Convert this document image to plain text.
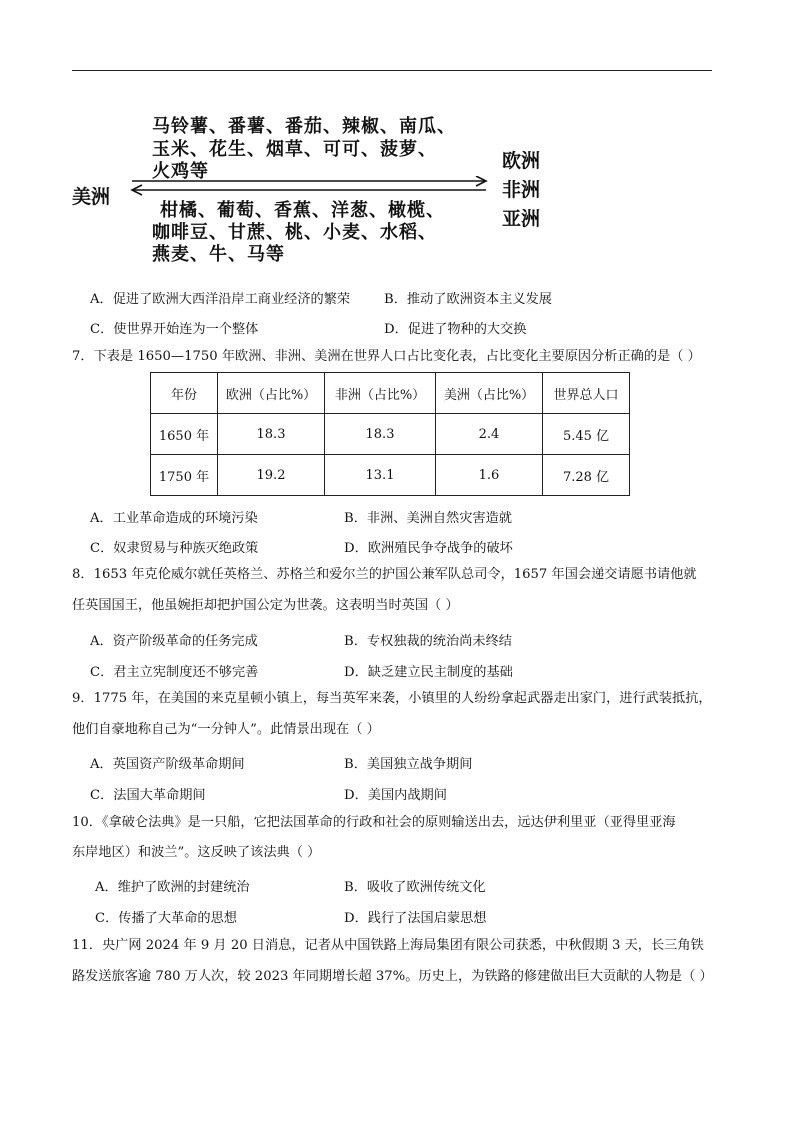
马铃薯、番薯、番茄、辣椒、南瓜、
玉米、花生、烟草、可可、菠萝、
火鸡等
美洲
欧洲
非洲
亚洲
柑橘、葡萄、香蕉、洋葱、橄榄、
咖啡豆、甘蔗、桃、小麦、水稻、
燕麦、牛、马等
A．促进了欧洲大西洋沿岸工商业经济的繁荣	B．推动了欧洲资本主义发展
C．使世界开始连为一个整体	D．促进了物种的大交换
7．下表是 1650—1750 年欧洲、非洲、美洲在世界人口占比变化表，占比变化主要原因分析正确的是（ ）
年份	欧洲（占比%）	非洲（占比%）	美洲（占比%）	世界总人口
1650 年	18.3	18.3	2.4	5.45 亿
1750 年	19.2	13.1	1.6	7.28 亿
A．工业革命造成的环境污染	B．非洲、美洲自然灾害造就
C．奴隶贸易与种族灭绝政策	D．欧洲殖民争夺战争的破坏
8．1653 年克伦威尔就任英格兰、苏格兰和爱尔兰的护国公兼军队总司令，1657 年国会递交请愿书请他就
任英国国王，他虽婉拒却把护国公定为世袭。这表明当时英国（ ）
A．资产阶级革命的任务完成	B．专权独裁的统治尚未终结
C．君主立宪制度还不够完善	D．缺乏建立民主制度的基础
9．1775 年，在美国的来克星顿小镇上，每当英军来袭，小镇里的人纷纷拿起武器走出家门，进行武装抵抗，
他们自豪地称自己为“一分钟人”。此情景出现在（ ）
A．英国资产阶级革命期间	B．美国独立战争期间
C．法国大革命期间	D．美国内战期间
10．《拿破仑法典》是一只船，它把法国革命的行政和社会的原则输送出去，远达伊利里亚（亚得里亚海
东岸地区）和波兰”。这反映了该法典（ ）
A．维护了欧洲的封建统治	B．吸收了欧洲传统文化
C．传播了大革命的思想	D．践行了法国启蒙思想
11．央广网 2024 年 9 月 20 日消息，记者从中国铁路上海局集团有限公司获悉，中秋假期 3 天，长三角铁
路发送旅客逾 780 万人次，较 2023 年同期增长超 37%。历史上，为铁路的修建做出巨大贡献的人物是（ ）
